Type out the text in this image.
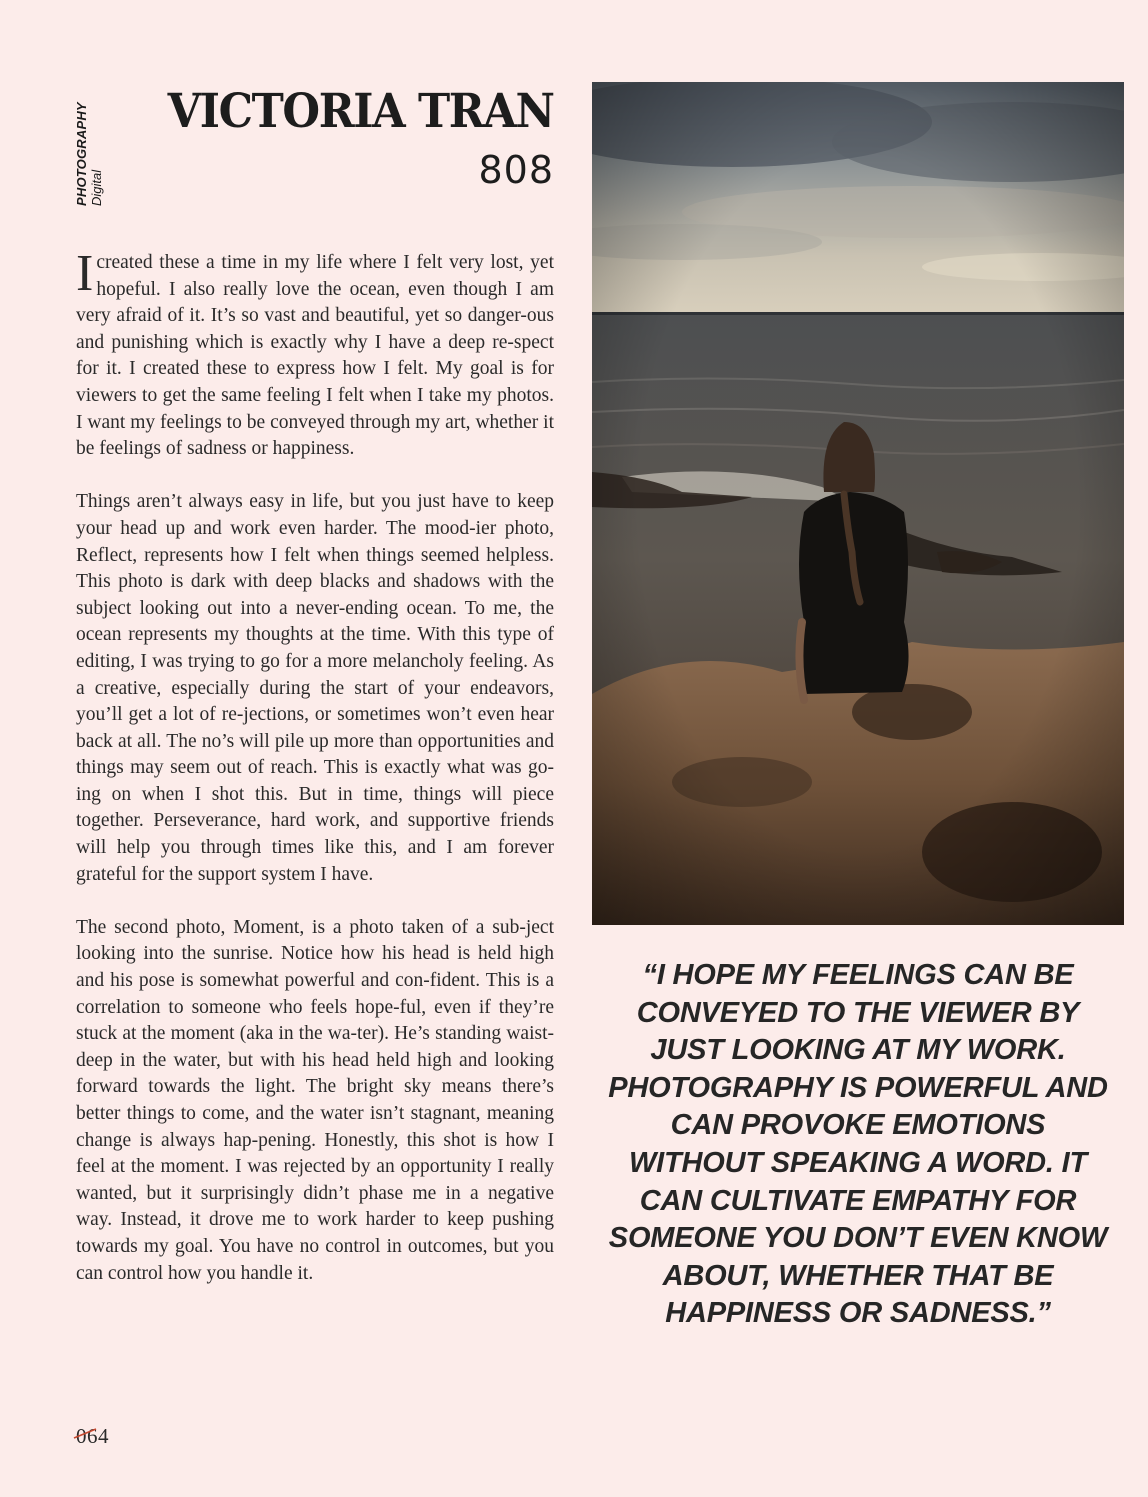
PHOTOGRAPHY Digital
VICTORIA TRAN
808

I created these a time in my life where I felt very lost, yet hopeful. I also really love the ocean, even though I am very afraid of it. It’s so vast and beautiful, yet so danger-ous and punishing which is exactly why I have a deep re-spect for it. I created these to express how I felt. My goal is for viewers to get the same feeling I felt when I take my photos. I want my feelings to be conveyed through my art, whether it be feelings of sadness or happiness.

Things aren’t always easy in life, but you just have to keep your head up and work even harder. The mood-ier photo, Reflect, represents how I felt when things seemed helpless. This photo is dark with deep blacks and shadows with the subject looking out into a never-ending ocean. To me, the ocean represents my thoughts at the time. With this type of editing, I was trying to go for a more melancholy feeling. As a creative, especially during the start of your endeavors, you’ll get a lot of re-jections, or sometimes won’t even hear back at all. The no’s will pile up more than opportunities and things may seem out of reach. This is exactly what was go-ing on when I shot this. But in time, things will piece together. Perseverance, hard work, and supportive friends will help you through times like this, and I am forever grateful for the support system I have.

The second photo, Moment, is a photo taken of a sub-ject looking into the sunrise. Notice how his head is held high and his pose is somewhat powerful and con-fident. This is a correlation to someone who feels hope-ful, even if they’re stuck at the moment (aka in the wa-ter). He’s standing waist-deep in the water, but with his head held high and looking forward towards the light. The bright sky means there’s better things to come, and the water isn’t stagnant, meaning change is always hap-pening. Honestly, this shot is how I feel at the moment. I was rejected by an opportunity I really wanted, but it surprisingly didn’t phase me in a negative way. Instead, it drove me to work harder to keep pushing towards my goal. You have no control in outcomes, but you can control how you handle it.

“I HOPE MY FEELINGS CAN BE CONVEYED TO THE VIEWER BY JUST LOOKING AT MY WORK. PHOTOGRAPHY IS POWERFUL AND CAN PROVOKE EMOTIONS WITHOUT SPEAKING A WORD. IT CAN CULTIVATE EMPATHY FOR SOMEONE YOU DON’T EVEN KNOW ABOUT, WHETHER THAT BE HAPPINESS OR SADNESS.”

064
